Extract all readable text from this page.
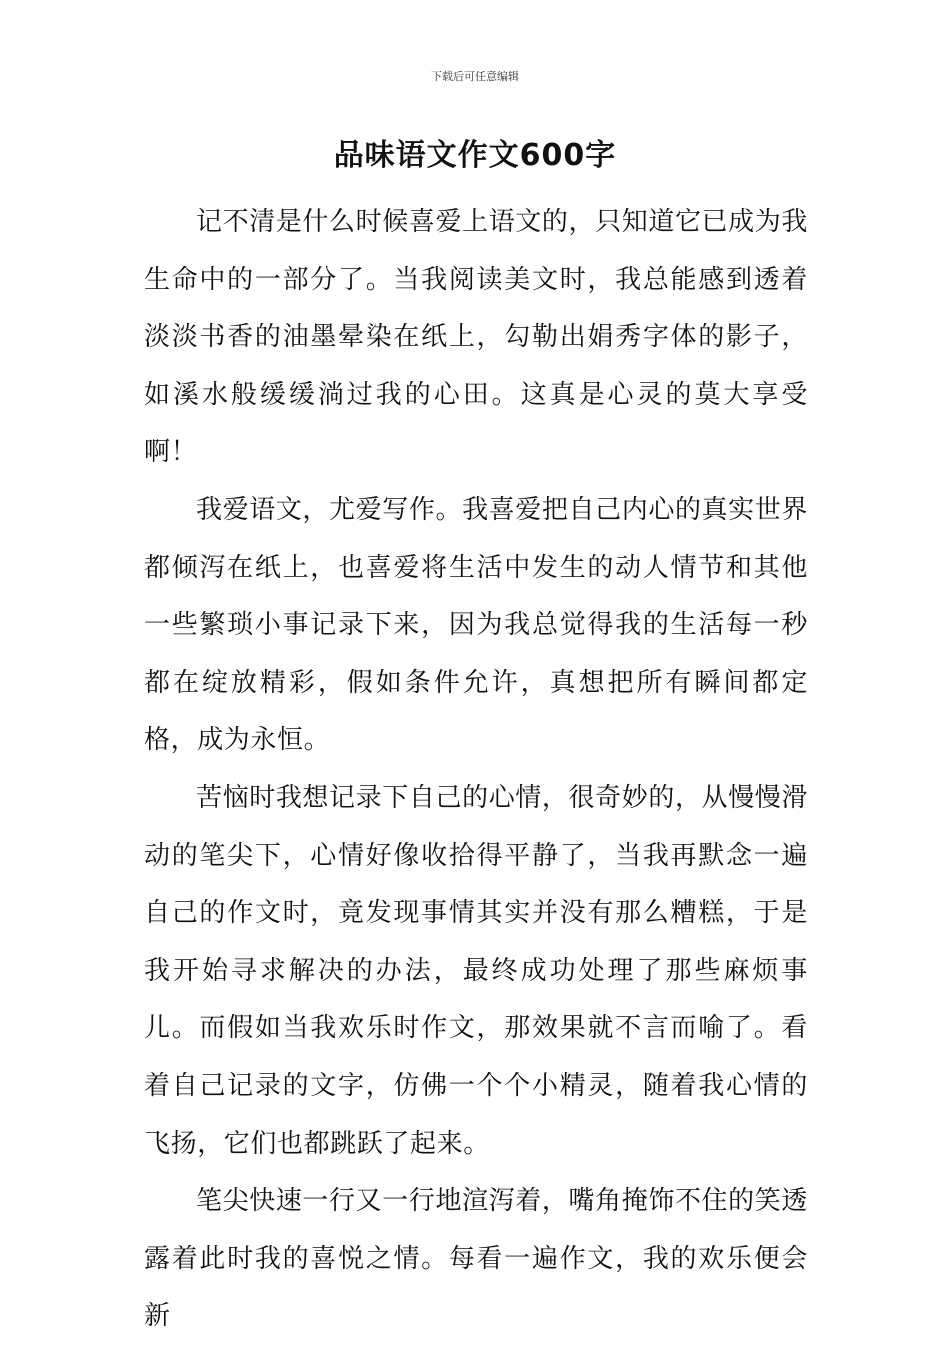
下载后可任意编辑
品味语文作文600字

记不清是什么时候喜爱上语文的，只知道它已成为我生命中的一部分了。当我阅读美文时，我总能感到透着淡淡书香的油墨晕染在纸上，勾勒出娟秀字体的影子，如溪水般缓缓淌过我的心田。这真是心灵的莫大享受啊！

我爱语文，尤爱写作。我喜爱把自己内心的真实世界都倾泻在纸上，也喜爱将生活中发生的动人情节和其他一些繁琐小事记录下来，因为我总觉得我的生活每一秒都在绽放精彩，假如条件允许，真想把所有瞬间都定格，成为永恒。

苦恼时我想记录下自己的心情，很奇妙的，从慢慢滑动的笔尖下，心情好像收拾得平静了，当我再默念一遍自己的作文时，竟发现事情其实并没有那么糟糕，于是我开始寻求解决的办法，最终成功处理了那些麻烦事儿。而假如当我欢乐时作文，那效果就不言而喻了。看着自己记录的文字，仿佛一个个小精灵，随着我心情的飞扬，它们也都跳跃了起来。

笔尖快速一行又一行地渲泻着，嘴角掩饰不住的笑透露着此时我的喜悦之情。每看一遍作文，我的欢乐便会新
